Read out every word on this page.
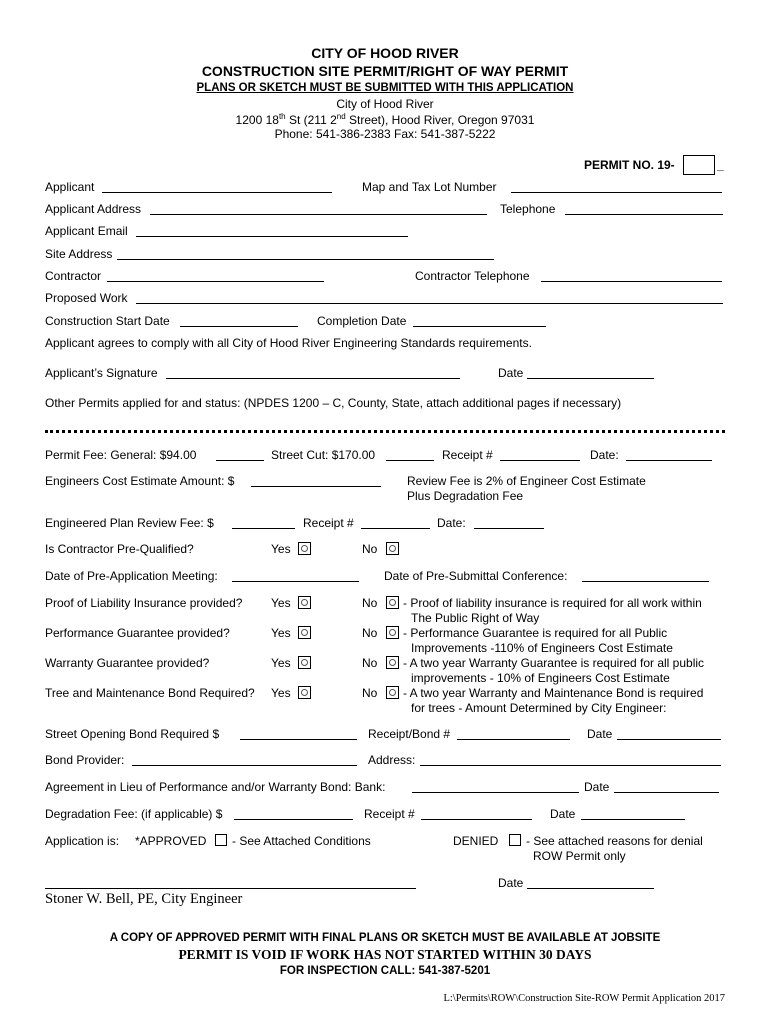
CITY OF HOOD RIVER
CONSTRUCTION SITE PERMIT/RIGHT OF WAY PERMIT
PLANS OR SKETCH MUST BE SUBMITTED WITH THIS APPLICATION
City of Hood River
1200 18th St (211 2nd Street), Hood River, Oregon 97031
Phone: 541-386-2383 Fax: 541-387-5222
PERMIT NO. 19-	_
Applicant	Map and Tax Lot Number
Applicant Address	Telephone
Applicant Email
Site Address
Contractor	Contractor Telephone
Proposed Work
Construction Start Date	Completion Date
Applicant agrees to comply with all City of Hood River Engineering Standards requirements.
Applicant’s Signature	Date
Other Permits applied for and status: (NPDES 1200 – C, County, State, attach additional pages if necessary)
Permit Fee: General: $94.00	Street Cut: $170.00	Receipt #	Date:
Engineers Cost Estimate Amount: $	Review Fee is 2% of Engineer Cost Estimate
Plus Degradation Fee
Engineered Plan Review Fee: $	Receipt #	Date:
Is Contractor Pre-Qualified?	Yes	No
Date of Pre-Application Meeting:	Date of Pre-Submittal Conference:
Proof of Liability Insurance provided? Yes	No - Proof of liability insurance is required for all work within
The Public Right of Way
Performance Guarantee provided?	Yes	No - Performance Guarantee is required for all Public
Improvements -110% of Engineers Cost Estimate
Warranty Guarantee provided?	Yes	No - A two year Warranty Guarantee is required for all public
improvements - 10% of Engineers Cost Estimate
Tree and Maintenance Bond Required? Yes	No - A two year Warranty and Maintenance Bond is required
for trees - Amount Determined by City Engineer:
Street Opening Bond Required $	Receipt/Bond #	Date
Bond Provider:	Address:
Agreement in Lieu of Performance and/or Warranty Bond: Bank:	Date
Degradation Fee: (if applicable) $	Receipt #	Date
Application is: *APPROVED - See Attached Conditions	DENIED - See attached reasons for denial
ROW Permit only
Stoner W. Bell, PE, City Engineer
Date
A COPY OF APPROVED PERMIT WITH FINAL PLANS OR SKETCH MUST BE AVAILABLE AT JOBSITE
PERMIT IS VOID IF WORK HAS NOT STARTED WITHIN 30 DAYS
FOR INSPECTION CALL: 541-387-5201
L:\Permits\ROW\Construction Site-ROW Permit Application 2017
